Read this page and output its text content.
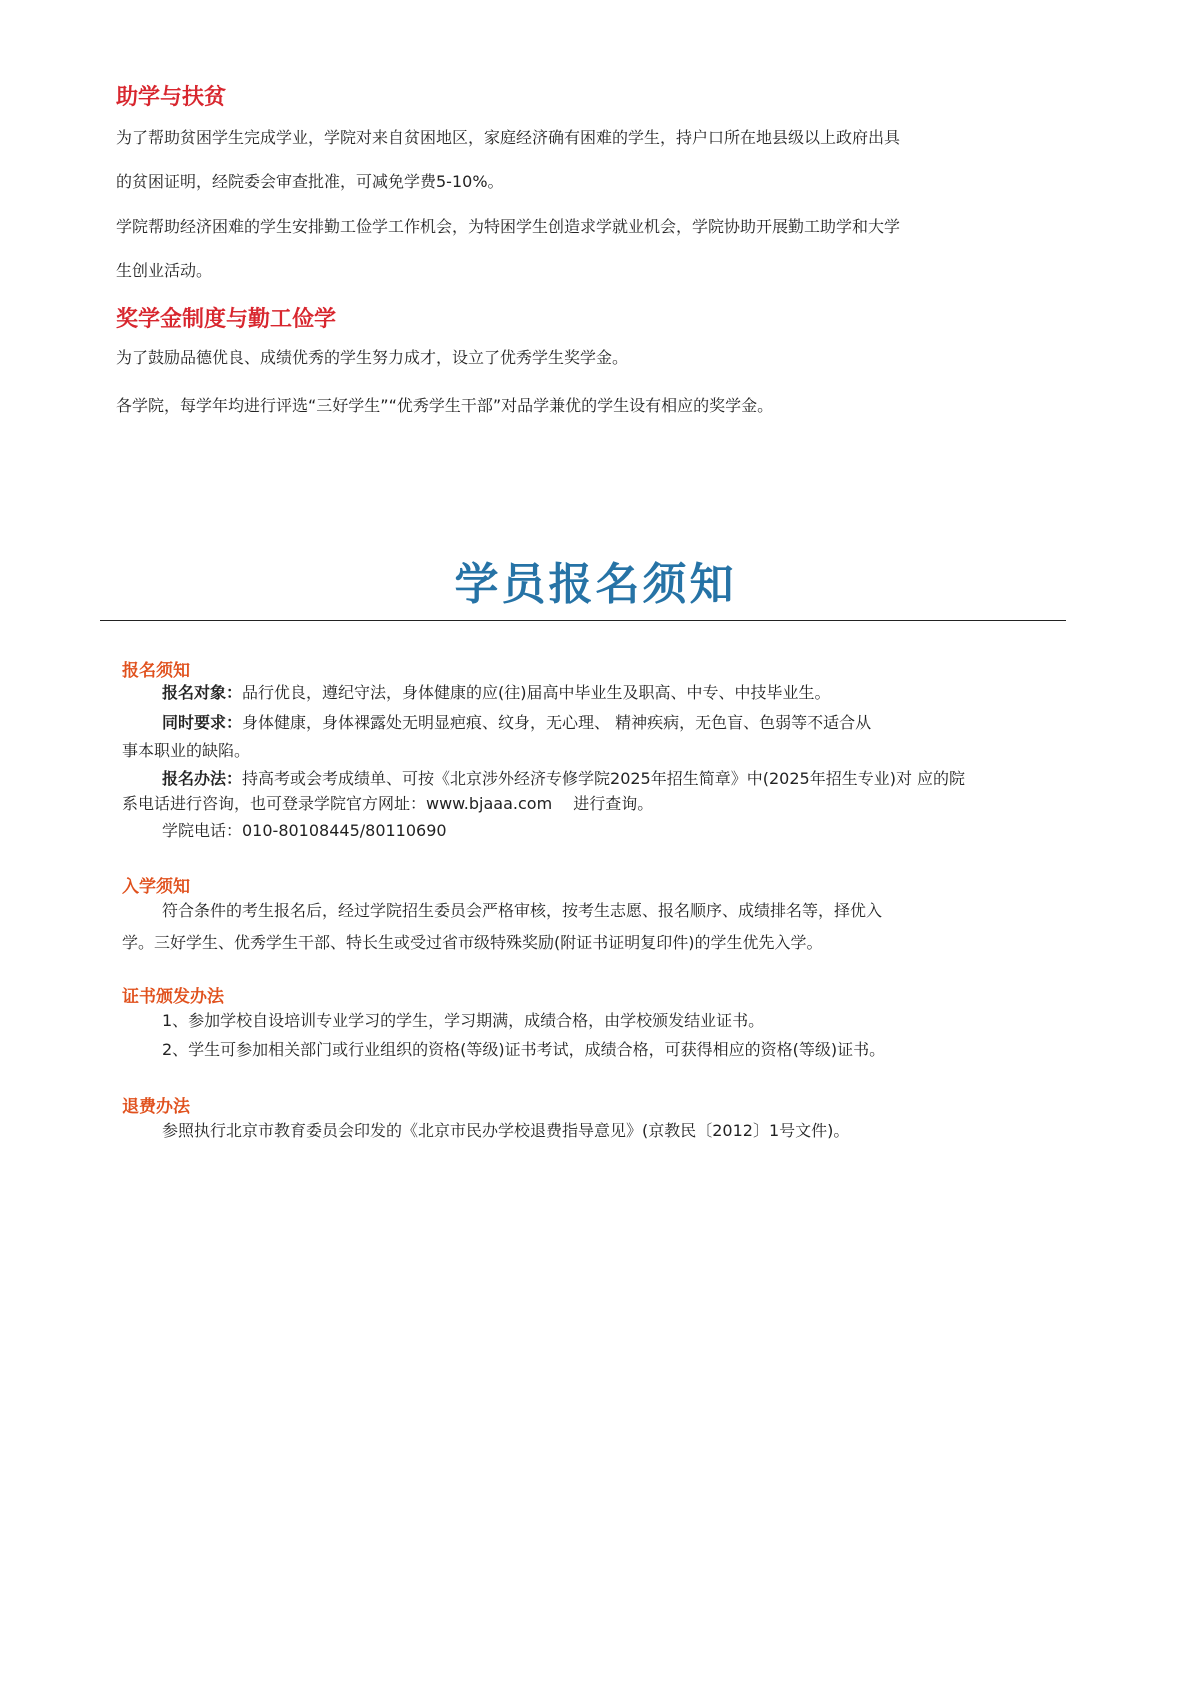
助学与扶贫

为了帮助贫困学生完成学业，学院对来自贫困地区，家庭经济确有困难的学生，持户口所在地县级以上政府出具

的贫困证明，经院委会审查批准，可减免学费5-10%。

学院帮助经济困难的学生安排勤工俭学工作机会，为特困学生创造求学就业机会，学院协助开展勤工助学和大学

生创业活动。

奖学金制度与勤工俭学

为了鼓励品德优良、成绩优秀的学生努力成才，设立了优秀学生奖学金。

各学院，每学年均进行评选“三好学生”“优秀学生干部”对品学兼优的学生设有相应的奖学金。

学员报名须知
报名须知

报名对象：品行优良，遵纪守法，身体健康的应(往)届高中毕业生及职高、中专、中技毕业生。

同时要求：身体健康，身体裸露处无明显疤痕、纹身，无心理、 精神疾病，无色盲、色弱等不适合从

事本职业的缺陷。

报名办法：持高考或会考成绩单、可按《北京涉外经济专修学院2025年招生简章》中(2025年招生专业)对 应的院

系电话进行咨询，也可登录学院官方网址：www.bjaaa.com　 进行查询。

学院电话：010-80108445/80110690

入学须知

符合条件的考生报名后，经过学院招生委员会严格审核，按考生志愿、报名顺序、成绩排名等，择优入

学。三好学生、优秀学生干部、特长生或受过省市级特殊奖励(附证书证明复印件)的学生优先入学。

证书颁发办法

1、参加学校自设培训专业学习的学生，学习期满，成绩合格，由学校颁发结业证书。

2、学生可参加相关部门或行业组织的资格(等级)证书考试，成绩合格，可获得相应的资格(等级)证书。

退费办法

参照执行北京市教育委员会印发的《北京市民办学校退费指导意见》(京教民〔2012〕1号文件)。
